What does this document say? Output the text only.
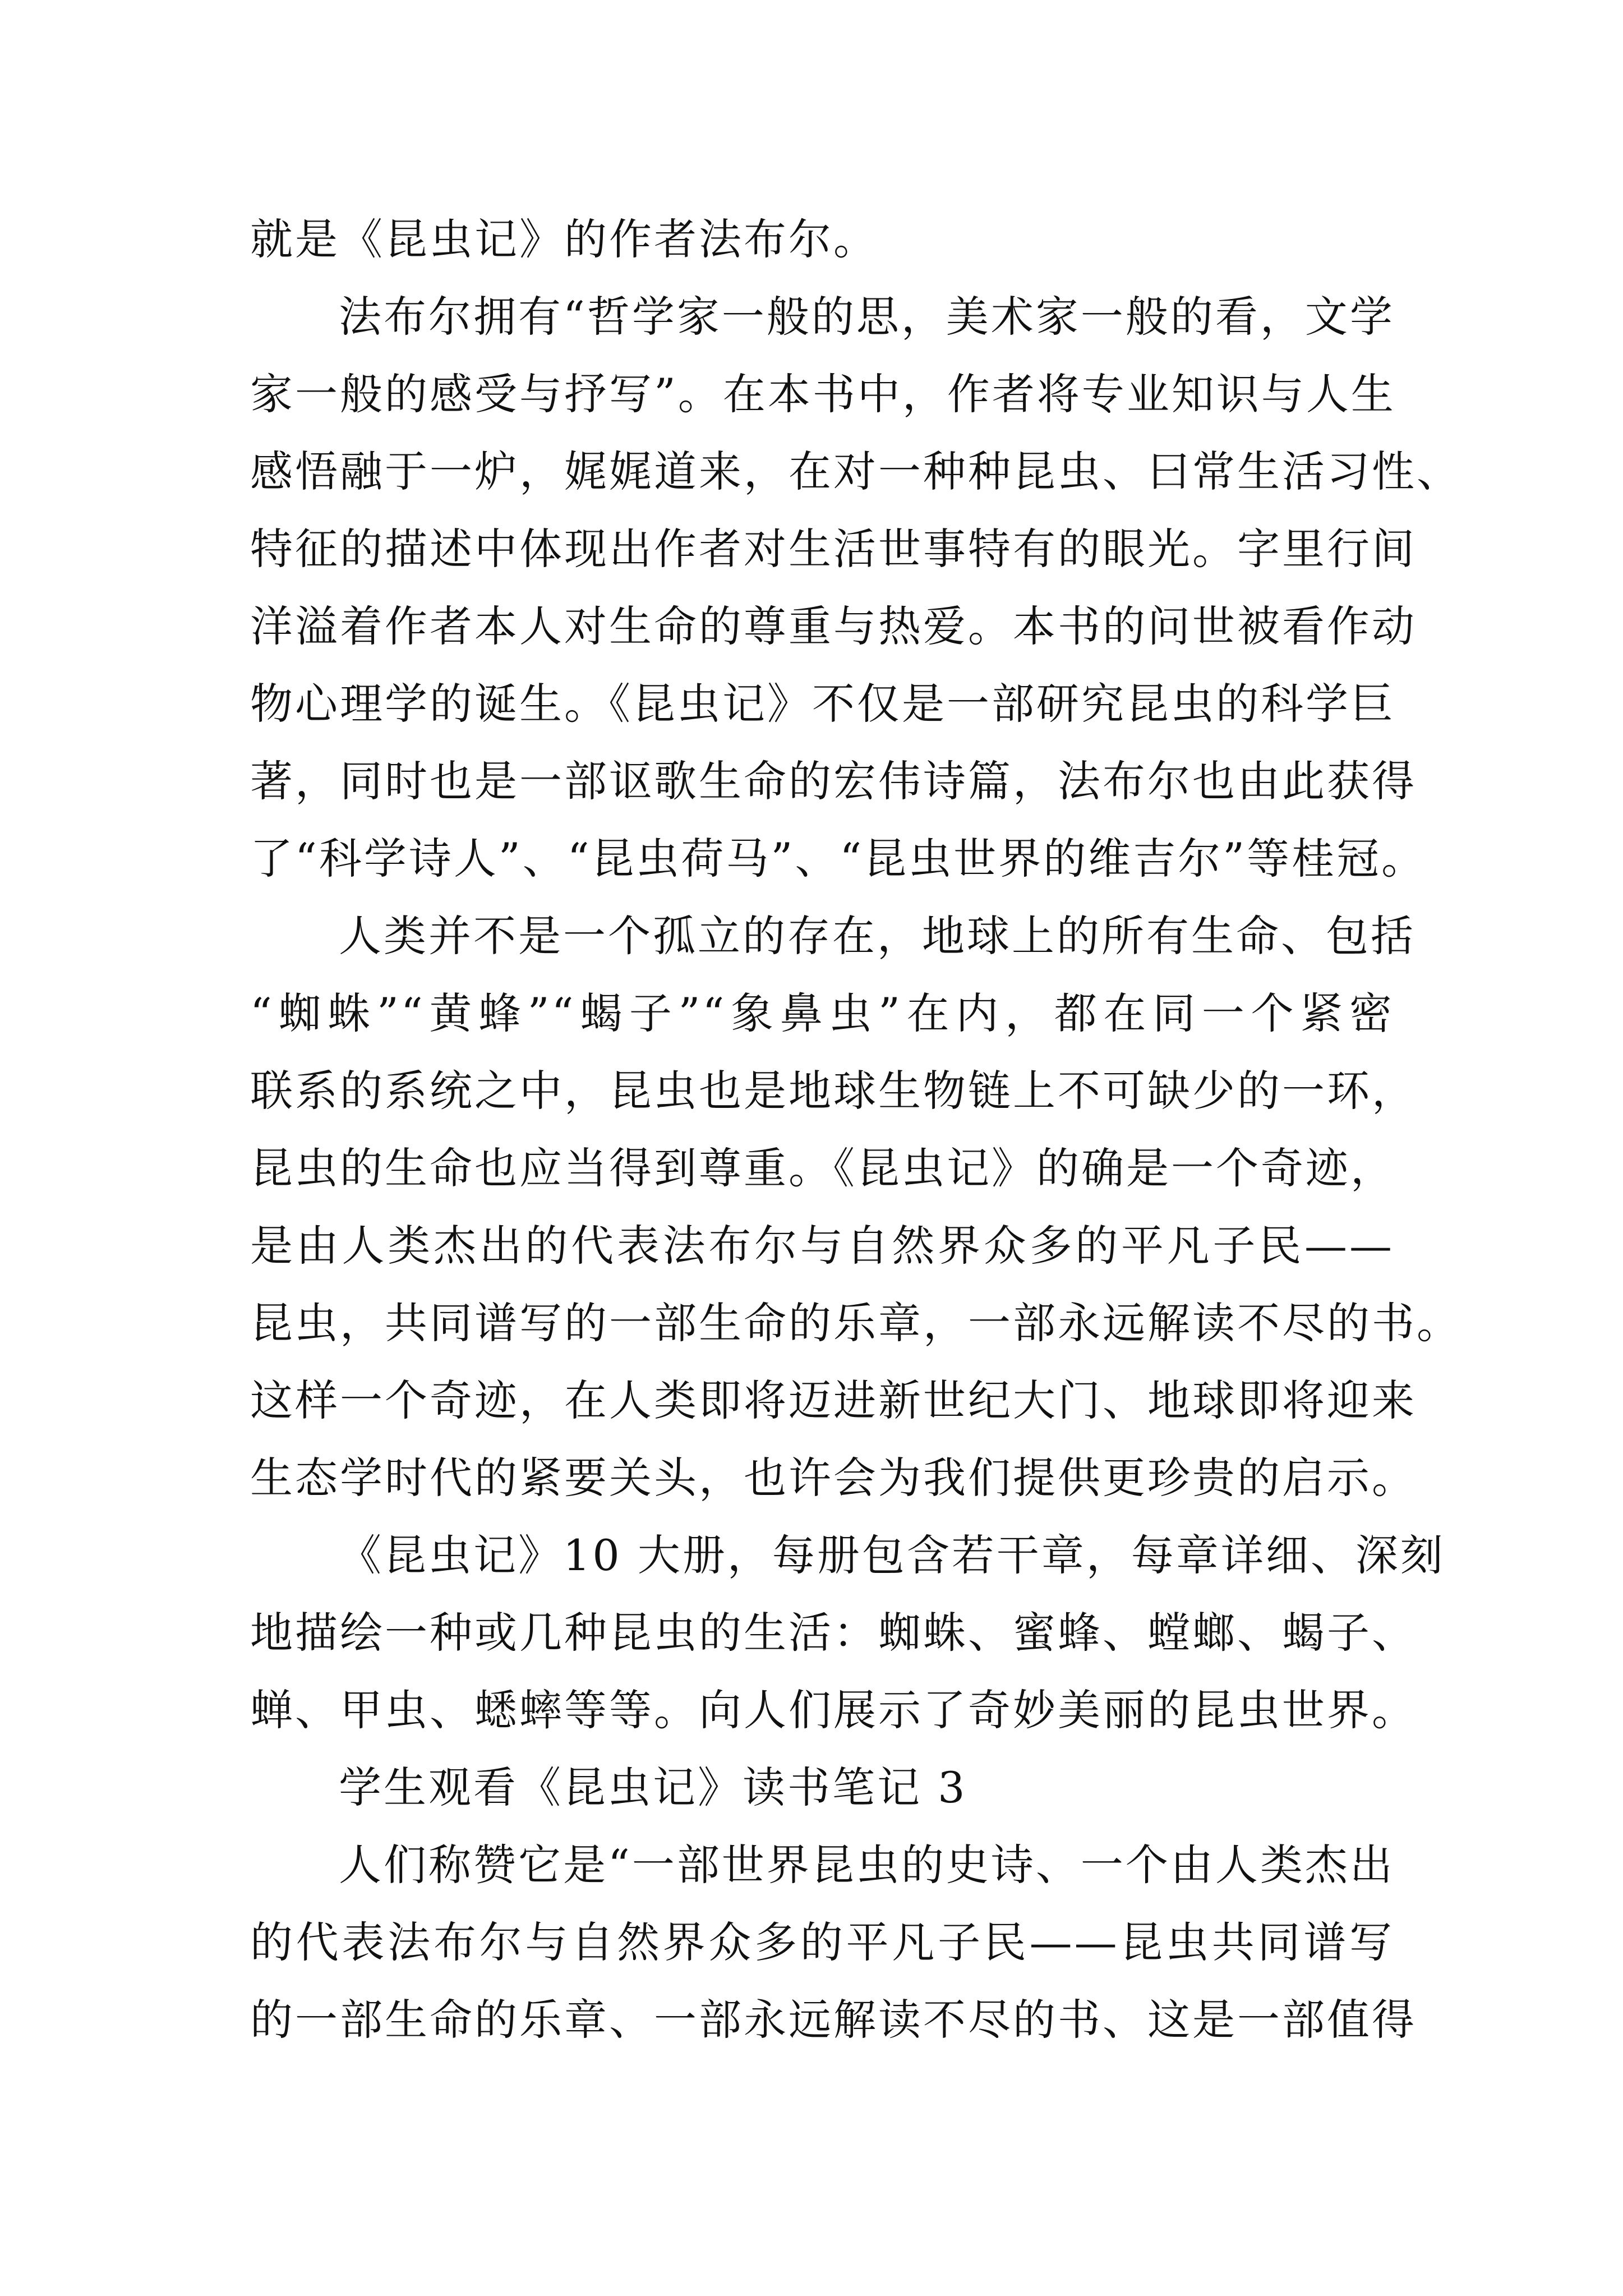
就是《昆虫记》的作者法布尔。
法布尔拥有“哲学家一般的思，美术家一般的看，文学
家一般的感受与抒写”。在本书中，作者将专业知识与人生
感悟融于一炉，娓娓道来，在对一种种昆虫、曰常生活习性、
特征的描述中体现出作者对生活世事特有的眼光。字里行间
洋溢着作者本人对生命的尊重与热爱。本书的问世被看作动
物心理学的诞生。《昆虫记》不仅是一部研究昆虫的科学巨
著，同时也是一部讴歌生命的宏伟诗篇，法布尔也由此获得
了“科学诗人”、“昆虫荷马”、“昆虫世界的维吉尔”等桂冠。
人类并不是一个孤立的存在，地球上的所有生命、包括
“蜘蛛”“黄蜂”“蝎子”“象鼻虫”在内，都在同一个紧密
联系的系统之中，昆虫也是地球生物链上不可缺少的一环，
昆虫的生命也应当得到尊重。《昆虫记》的确是一个奇迹，
是由人类杰出的代表法布尔与自然界众多的平凡子民——
昆虫，共同谱写的一部生命的乐章，一部永远解读不尽的书。
这样一个奇迹，在人类即将迈进新世纪大门、地球即将迎来
生态学时代的紧要关头，也许会为我们提供更珍贵的启示。
《昆虫记》10 大册，每册包含若干章，每章详细、深刻
地描绘一种或几种昆虫的生活：蜘蛛、蜜蜂、螳螂、蝎子、
蝉、甲虫、蟋蟀等等。向人们展示了奇妙美丽的昆虫世界。
学生观看《昆虫记》读书笔记 3
人们称赞它是“一部世界昆虫的史诗、一个由人类杰出
的代表法布尔与自然界众多的平凡子民——昆虫共同谱写
的一部生命的乐章、一部永远解读不尽的书、这是一部值得
